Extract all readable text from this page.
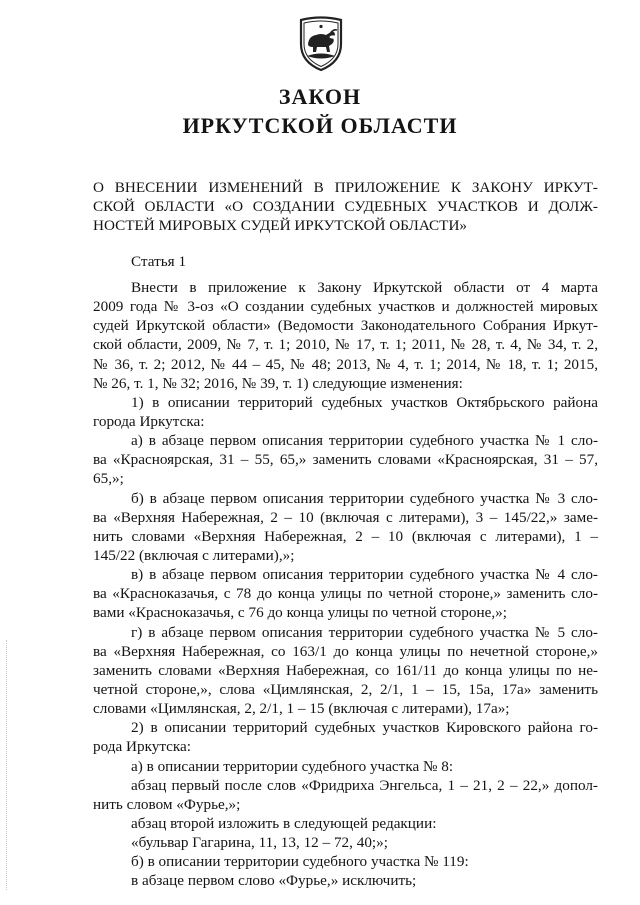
ЗАКОН
ИРКУТСКОЙ ОБЛАСТИ
О ВНЕСЕНИИ ИЗМЕНЕНИЙ В ПРИЛОЖЕНИЕ К ЗАКОНУ ИРКУТ-
СКОЙ ОБЛАСТИ «О СОЗДАНИИ СУДЕБНЫХ УЧАСТКОВ И ДОЛЖ-
НОСТЕЙ МИРОВЫХ СУДЕЙ ИРКУТСКОЙ ОБЛАСТИ»
Статья 1
Внести в приложение к Закону Иркутской области от 4 марта
2009 года № 3-оз «О создании судебных участков и должностей мировых
судей Иркутской области» (Ведомости Законодательного Собрания Иркут-
ской области, 2009, № 7, т. 1; 2010, № 17, т. 1; 2011, № 28, т. 4, № 34, т. 2,
№ 36, т. 2; 2012, № 44 – 45, № 48; 2013, № 4, т. 1; 2014, № 18, т. 1; 2015,
№ 26, т. 1, № 32; 2016, № 39, т. 1) следующие изменения:
1) в описании территорий судебных участков Октябрьского района
города Иркутска:
а) в абзаце первом описания территории судебного участка № 1 сло-
ва «Красноярская, 31 – 55, 65,» заменить словами «Красноярская, 31 – 57,
65,»;
б) в абзаце первом описания территории судебного участка № 3 сло-
ва «Верхняя Набережная, 2 – 10 (включая с литерами), 3 – 145/22,» заме-
нить словами «Верхняя Набережная, 2 – 10 (включая с литерами), 1 –
145/22 (включая с литерами),»;
в) в абзаце первом описания территории судебного участка № 4 сло-
ва «Красноказачья, с 78 до конца улицы по четной стороне,» заменить сло-
вами «Красноказачья, с 76 до конца улицы по четной стороне,»;
г) в абзаце первом описания территории судебного участка № 5 сло-
ва «Верхняя Набережная, со 163/1 до конца улицы по нечетной стороне,»
заменить словами «Верхняя Набережная, со 161/11 до конца улицы по не-
четной стороне,», слова «Цимлянская, 2, 2/1, 1 – 15, 15а, 17а» заменить
словами «Цимлянская, 2, 2/1, 1 – 15 (включая с литерами), 17а»;
2) в описании территорий судебных участков Кировского района го-
рода Иркутска:
а) в описании территории судебного участка № 8:
абзац первый после слов «Фридриха Энгельса, 1 – 21, 2 – 22,» допол-
нить словом «Фурье,»;
абзац второй изложить в следующей редакции:
«бульвар Гагарина, 11, 13, 12 – 72, 40;»;
б) в описании территории судебного участка № 119:
в абзаце первом слово «Фурье,» исключить;
